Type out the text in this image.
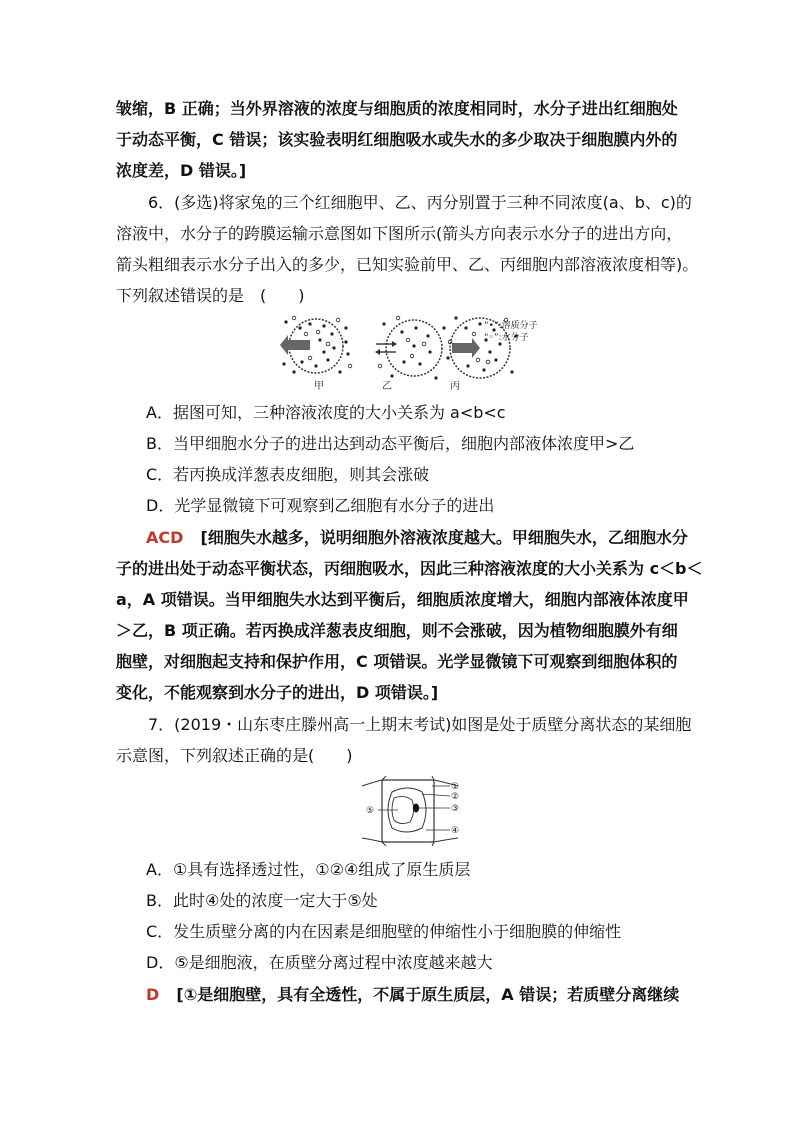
皱缩，B 正确；当外界溶液的浓度与细胞质的浓度相同时，水分子进出红细胞处
于动态平衡，C 错误；该实验表明红细胞吸水或失水的多少取决于细胞膜内外的
浓度差，D 错误。]
6．(多选)将家兔的三个红细胞甲、乙、丙分别置于三种不同浓度(a、b、c)的
溶液中，水分子的跨膜运输示意图如下图所示(箭头方向表示水分子的进出方向，
箭头粗细表示水分子出入的多少，已知实验前甲、乙、丙细胞内部溶液浓度相等)。
下列叙述错误的是　(　　)
“•”:溶质分子
“◦”:水分子
甲	乙	丙
A．据图可知，三种溶液浓度的大小关系为 a<b<c
B．当甲细胞水分子的进出达到动态平衡后，细胞内部液体浓度甲>乙
C．若丙换成洋葱表皮细胞，则其会涨破
D．光学显微镜下可观察到乙细胞有水分子的进出
ACD [细胞失水越多，说明细胞外溶液浓度越大。甲细胞失水，乙细胞水分
子的进出处于动态平衡状态，丙细胞吸水，因此三种溶液浓度的大小关系为 c＜b＜
a，A 项错误。当甲细胞失水达到平衡后，细胞质浓度增大，细胞内部液体浓度甲
＞乙，B 项正确。若丙换成洋葱表皮细胞，则不会涨破，因为植物细胞膜外有细
胞壁，对细胞起支持和保护作用，C 项错误。光学显微镜下可观察到细胞体积的
变化，不能观察到水分子的进出，D 项错误。]
7．(2019・山东枣庄滕州高一上期末考试)如图是处于质壁分离状态的某细胞
示意图，下列叙述正确的是(　　)
①
②
③
④
⑤
A．①具有选择透过性，①②④组成了原生质层
B．此时④处的浓度一定大于⑤处
C．发生质壁分离的内在因素是细胞壁的伸缩性小于细胞膜的伸缩性
D．⑤是细胞液，在质壁分离过程中浓度越来越大
D [①是细胞壁，具有全透性，不属于原生质层，A 错误；若质壁分离继续
